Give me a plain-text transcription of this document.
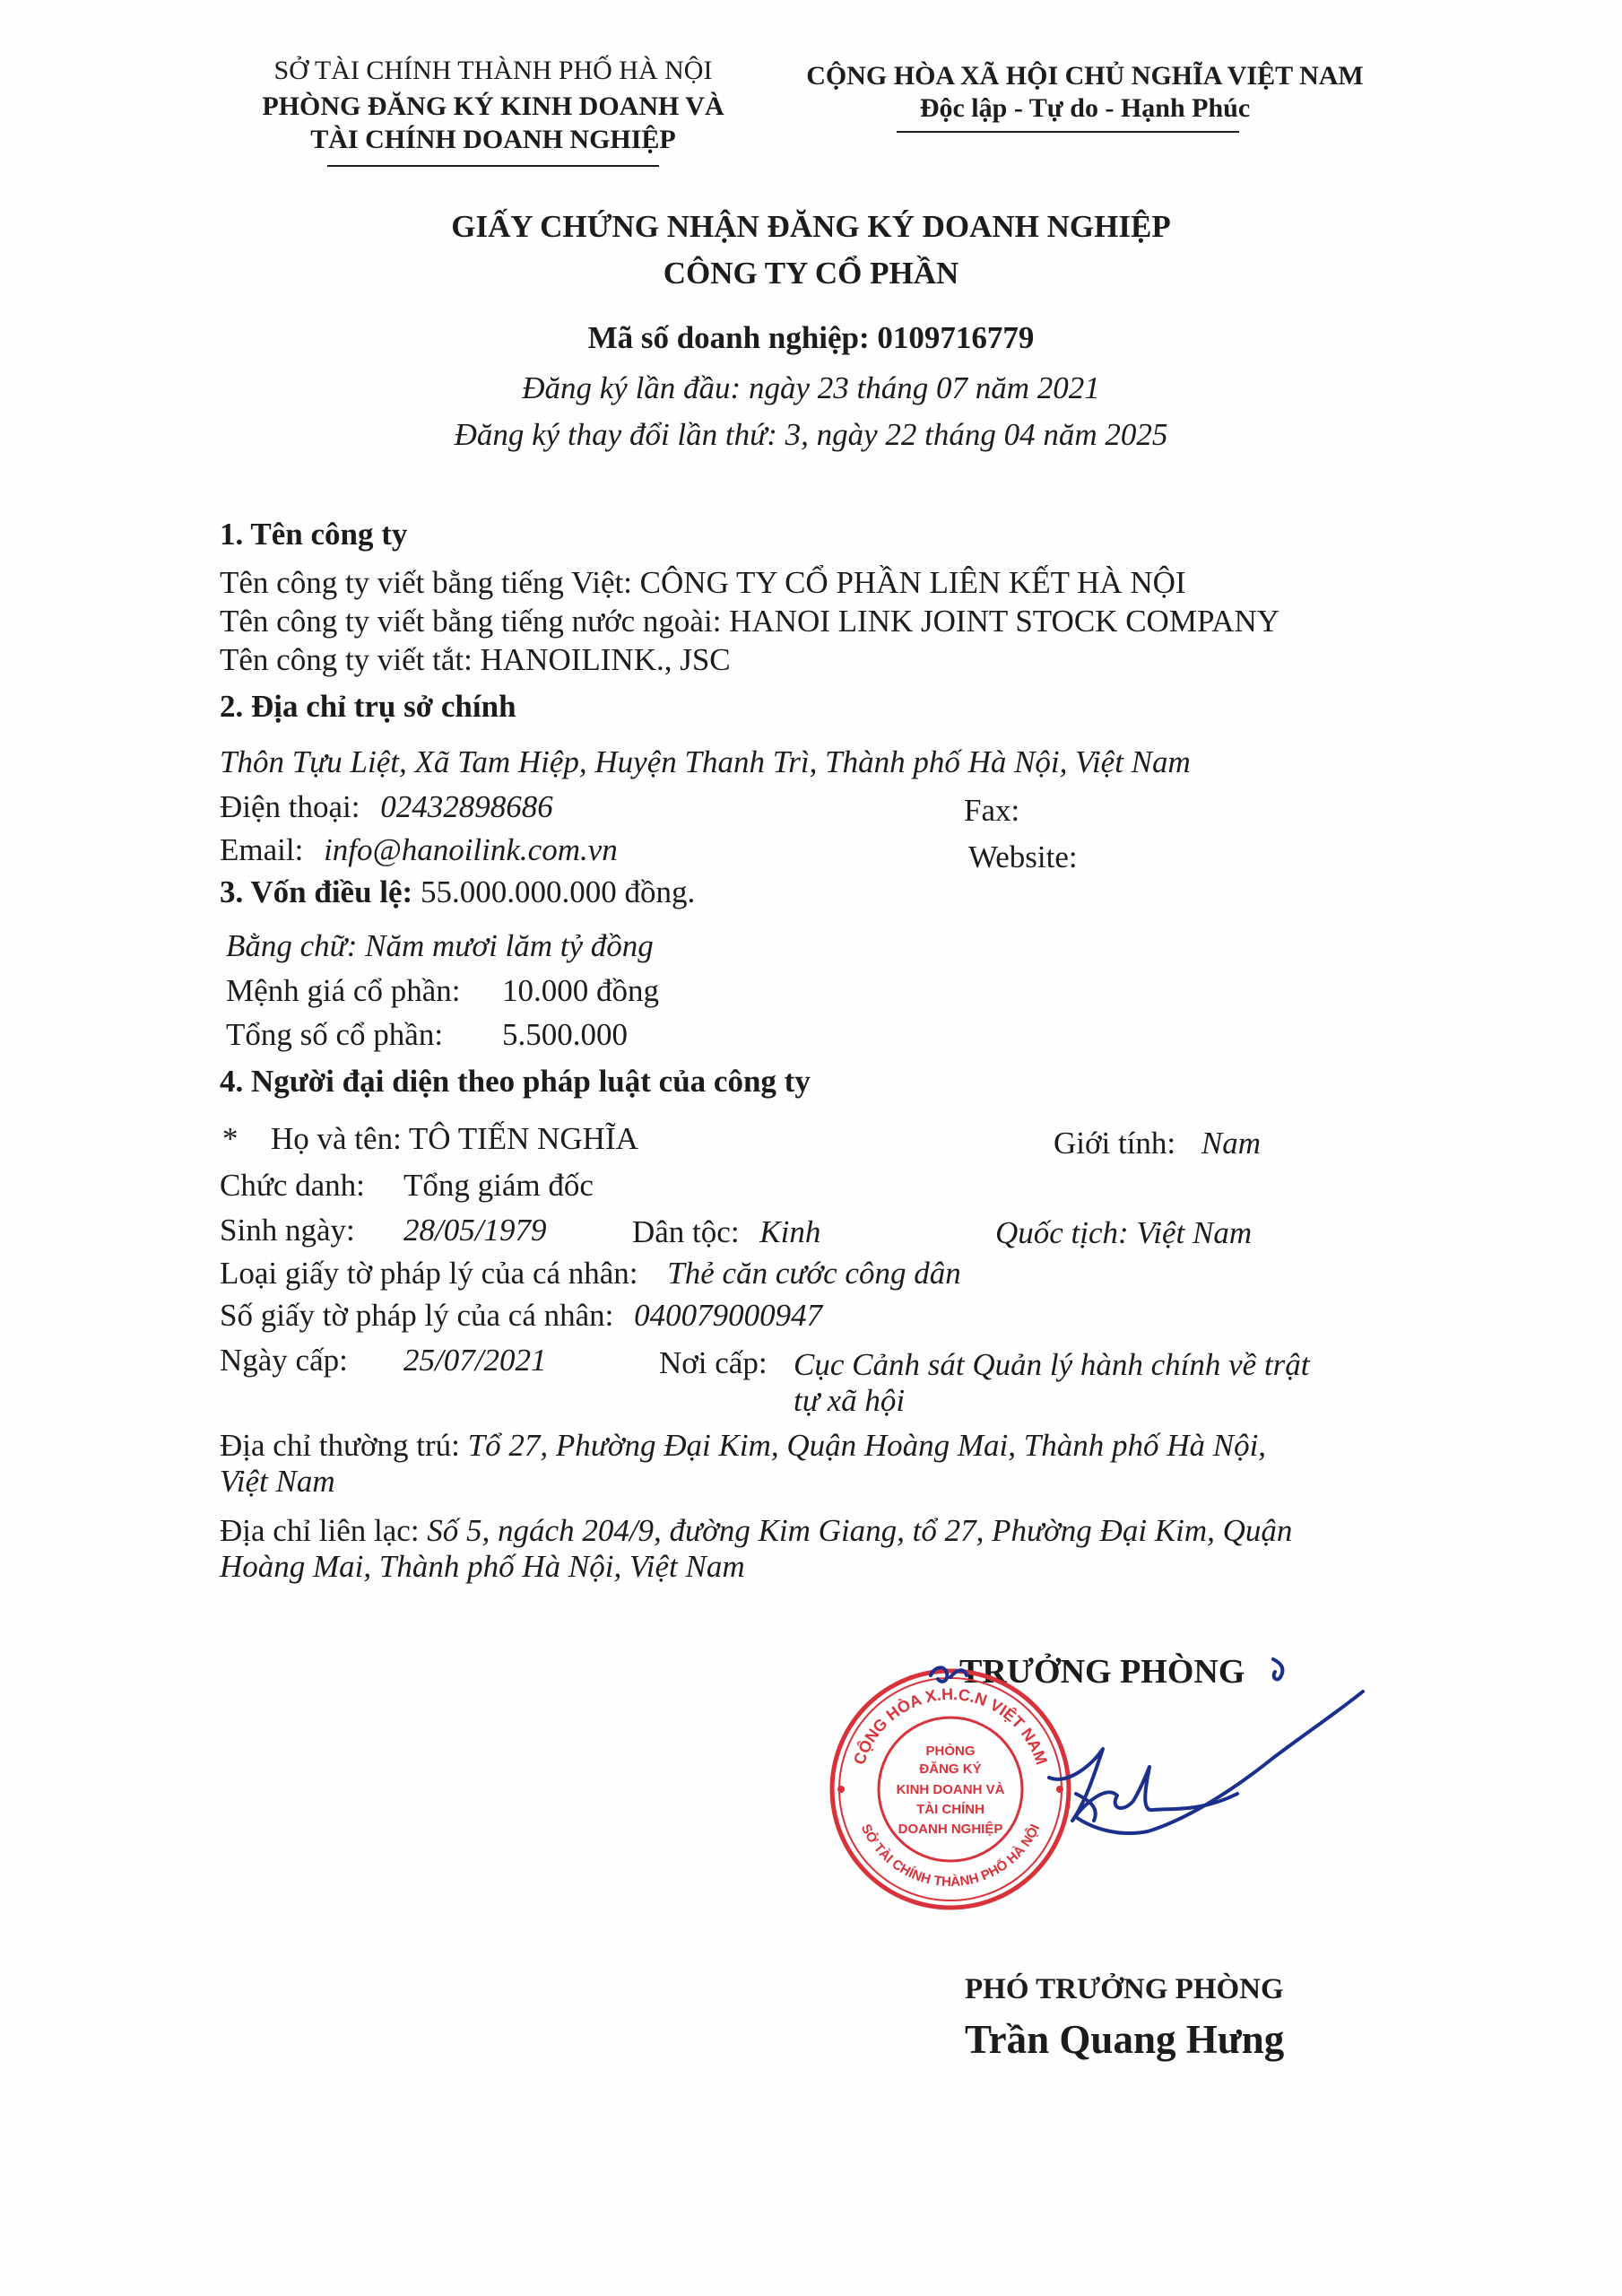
SỞ TÀI CHÍNH THÀNH PHỐ HÀ NỘI
PHÒNG ĐĂNG KÝ KINH DOANH VÀ
TÀI CHÍNH DOANH NGHIỆP
CỘNG HÒA XÃ HỘI CHỦ NGHĨA VIỆT NAM
Độc lập - Tự do - Hạnh Phúc
GIẤY CHỨNG NHẬN ĐĂNG KÝ DOANH NGHIỆP
CÔNG TY CỔ PHẦN
Mã số doanh nghiệp: 0109716779
Đăng ký lần đầu: ngày 23 tháng 07 năm 2021
Đăng ký thay đổi lần thứ: 3, ngày 22 tháng 04 năm 2025
1. Tên công ty
Tên công ty viết bằng tiếng Việt: CÔNG TY CỔ PHẦN LIÊN KẾT HÀ NỘI
Tên công ty viết bằng tiếng nước ngoài: HANOI LINK JOINT STOCK COMPANY
Tên công ty viết tắt: HANOILINK., JSC
2. Địa chỉ trụ sở chính
Thôn Tựu Liệt, Xã Tam Hiệp, Huyện Thanh Trì, Thành phố Hà Nội, Việt Nam
Điện thoại: 02432898686	Fax:
Email: info@hanoilink.com.vn	Website:
3. Vốn điều lệ: 55.000.000.000 đồng.
Bằng chữ: Năm mươi lăm tỷ đồng
Mệnh giá cổ phần: 10.000 đồng
Tổng số cổ phần: 5.500.000
4. Người đại diện theo pháp luật của công ty
* Họ và tên: TÔ TIẾN NGHĨA	Giới tính: Nam
Chức danh: Tổng giám đốc
Sinh ngày: 28/05/1979	Dân tộc: Kinh	Quốc tịch: Việt Nam
Loại giấy tờ pháp lý của cá nhân: Thẻ căn cước công dân
Số giấy tờ pháp lý của cá nhân: 040079000947
Ngày cấp: 25/07/2021	Nơi cấp: Cục Cảnh sát Quản lý hành chính về trật
tự xã hội
Địa chỉ thường trú: Tổ 27, Phường Đại Kim, Quận Hoàng Mai, Thành phố Hà Nội,
Việt Nam
Địa chỉ liên lạc: Số 5, ngách 204/9, đường Kim Giang, tổ 27, Phường Đại Kim, Quận
Hoàng Mai, Thành phố Hà Nội, Việt Nam
TRƯỞNG PHÒNG
CỘNG HÒA X.H.C.N VIỆT NAM
SỞ TÀI CHÍNH THÀNH PHỐ HÀ NỘI
PHÒNG
ĐĂNG KÝ
KINH DOANH VÀ
TÀI CHÍNH
DOANH NGHIỆP
PHÓ TRƯỞNG PHÒNG
Trần Quang Hưng
